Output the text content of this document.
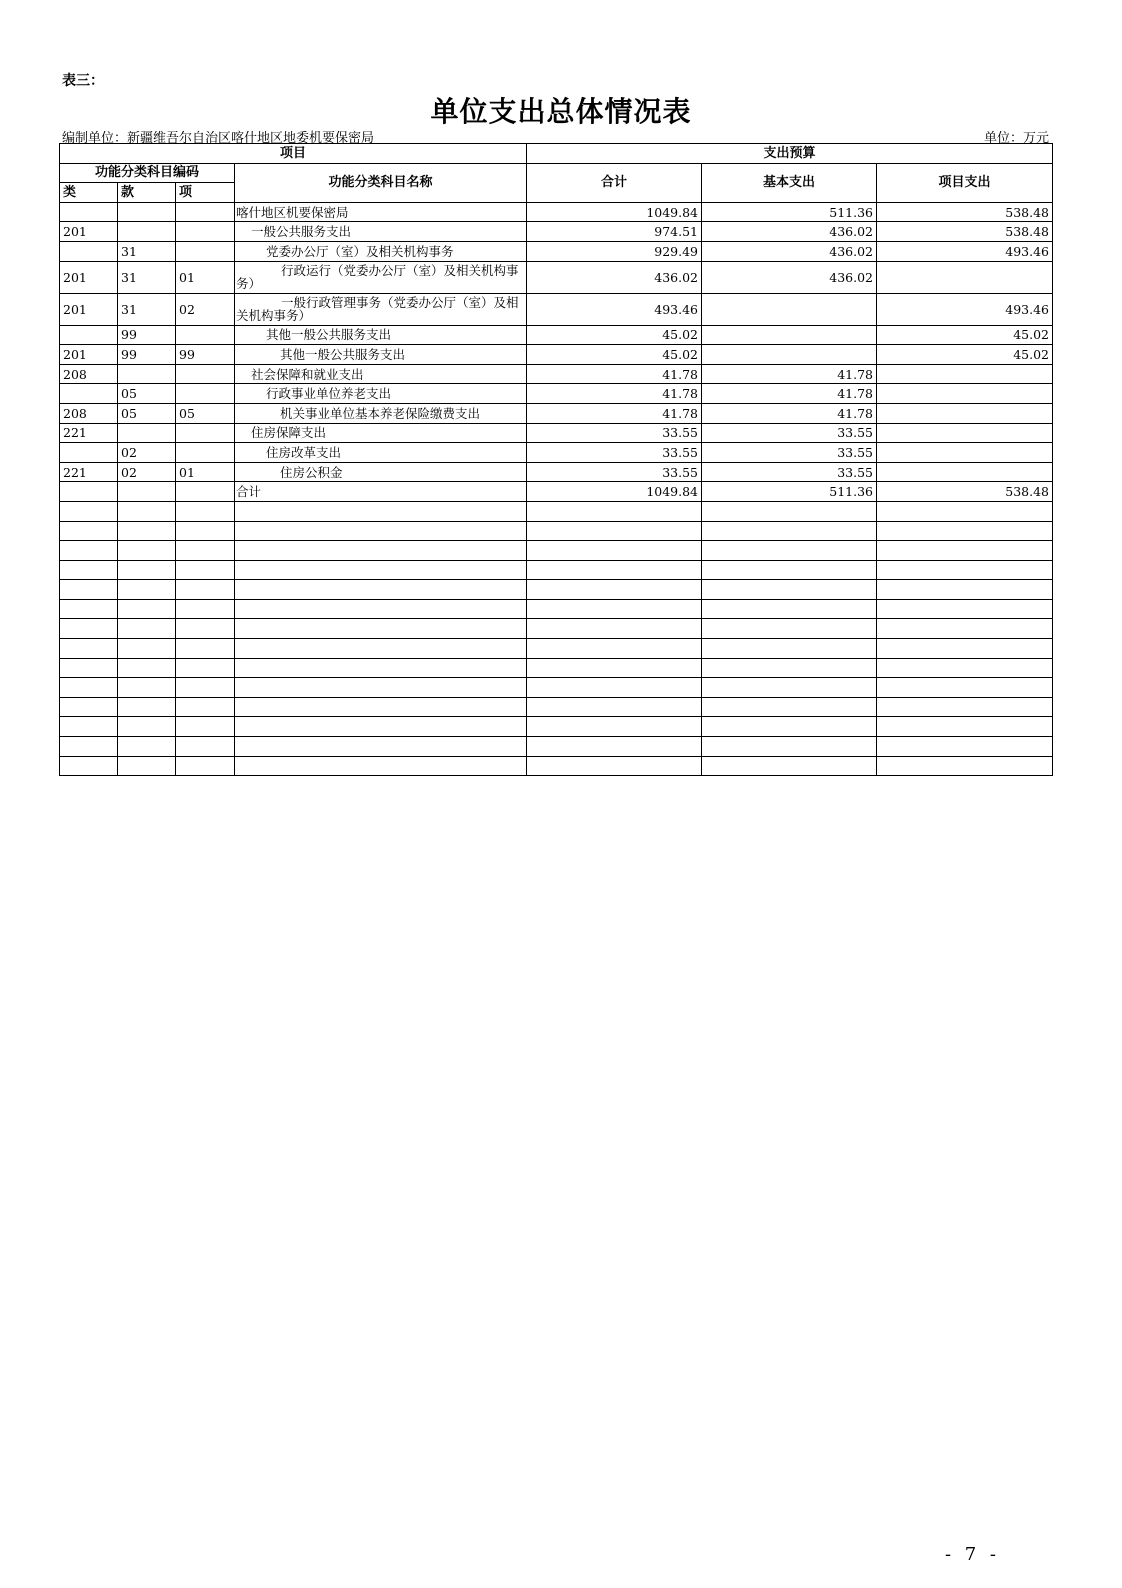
表三：
单位支出总体情况表
编制单位：新疆维吾尔自治区喀什地区地委机要保密局	单位：万元
项目				支出预算		
功能分类科目编码			功能分类科目名称	合计	基本支出	项目支出
类	款	项				
			喀什地区机要保密局	1049.84	511.36	538.48
201			一般公共服务支出	974.51	436.02	538.48
	31		党委办公厅（室）及相关机构事务	929.49	436.02	493.46
201	31	01	行政运行（党委办公厅（室）及相关机构事务）	436.02	436.02	
201	31	02	一般行政管理事务（党委办公厅（室）及相关机构事务）	493.46		493.46
	99		其他一般公共服务支出	45.02		45.02
201	99	99	其他一般公共服务支出	45.02		45.02
208			社会保障和就业支出	41.78	41.78	
	05		行政事业单位养老支出	41.78	41.78	
208	05	05	机关事业单位基本养老保险缴费支出	41.78	41.78	
221			住房保障支出	33.55	33.55	
	02		住房改革支出	33.55	33.55	
221	02	01	住房公积金	33.55	33.55	
			合计	1049.84	511.36	538.48

- 7 -
